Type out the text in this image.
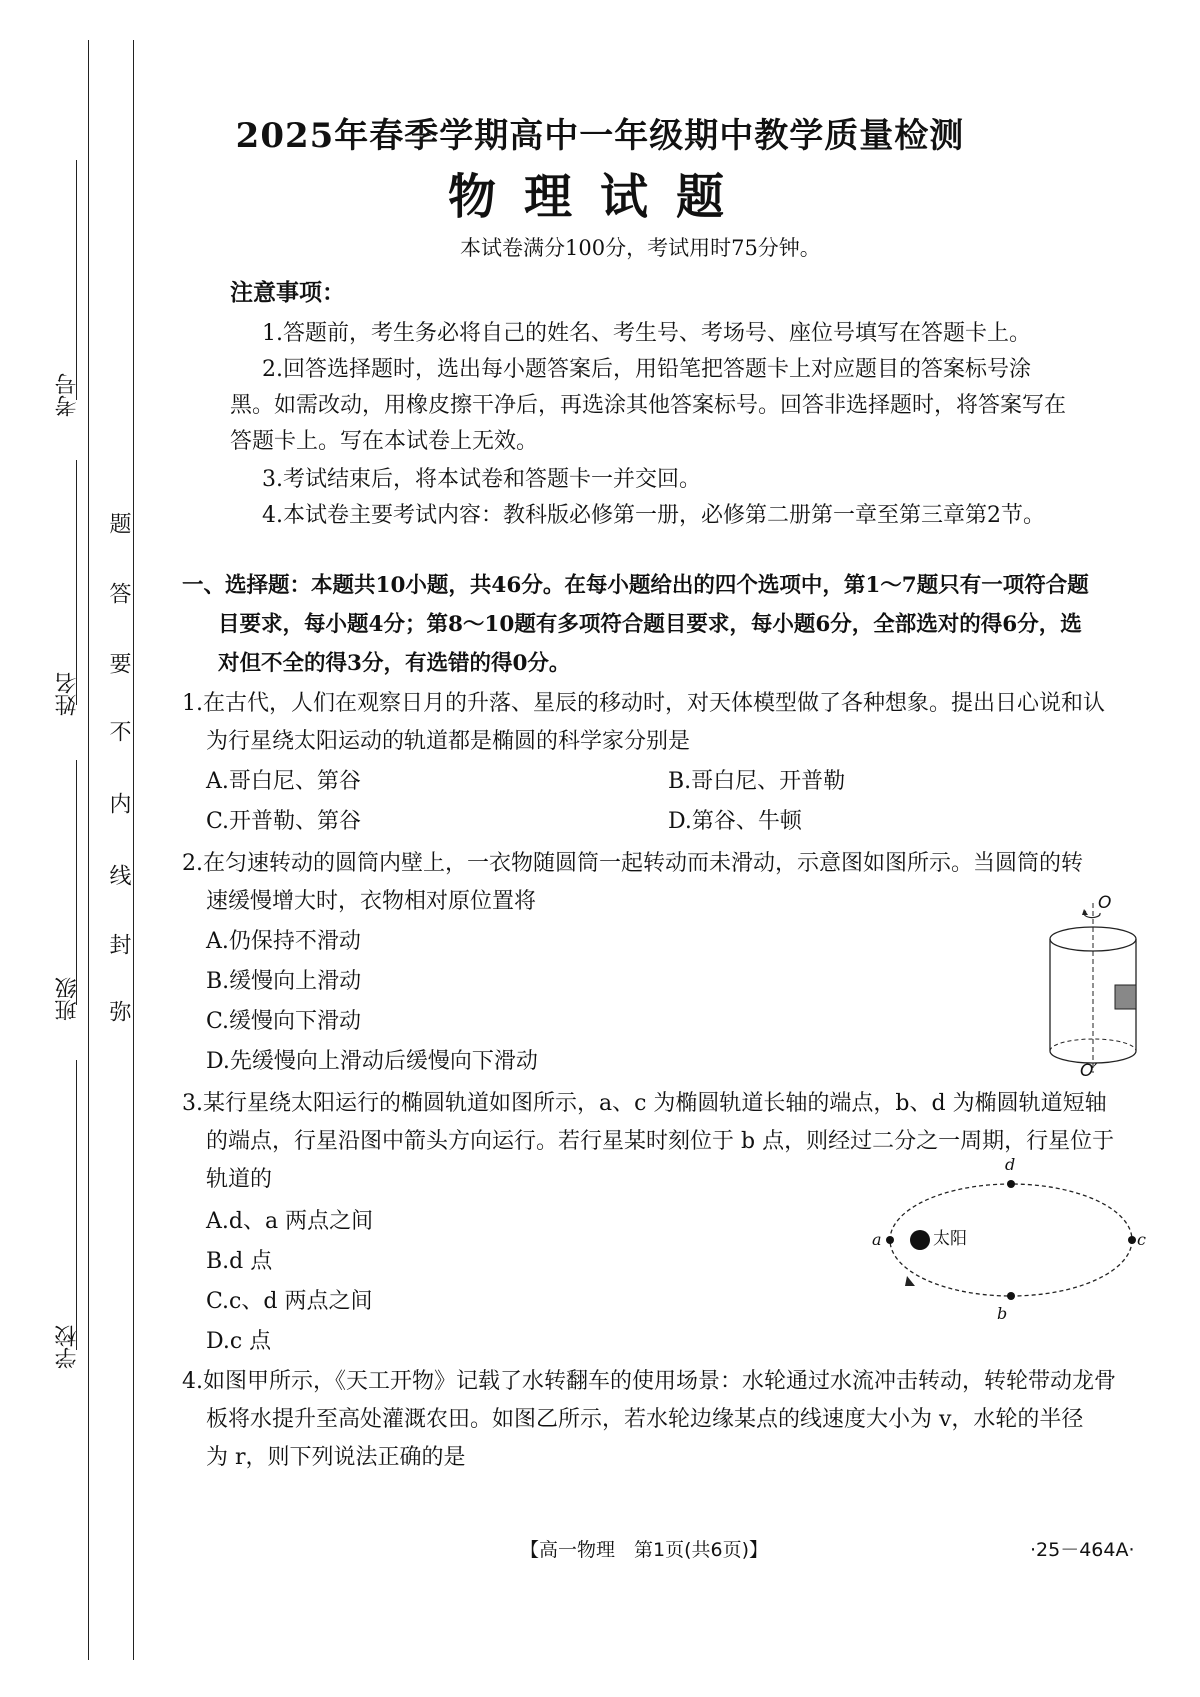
考号
姓名
班级
学校
弥
封
线
内
不
要
答
题
2025年春季学期高中一年级期中教学质量检测
物理试题
本试卷满分100分，考试用时75分钟。
注意事项：
1.答题前，考生务必将自己的姓名、考生号、考场号、座位号填写在答题卡上。
2.回答选择题时，选出每小题答案后，用铅笔把答题卡上对应题目的答案标号涂
黑。如需改动，用橡皮擦干净后，再选涂其他答案标号。回答非选择题时，将答案写在
答题卡上。写在本试卷上无效。
3.考试结束后，将本试卷和答题卡一并交回。
4.本试卷主要考试内容：教科版必修第一册，必修第二册第一章至第三章第2节。
一、选择题：本题共10小题，共46分。在每小题给出的四个选项中，第1～7题只有一项符合题
目要求，每小题4分；第8～10题有多项符合题目要求，每小题6分，全部选对的得6分，选
对但不全的得3分，有选错的得0分。
1.在古代，人们在观察日月的升落、星辰的移动时，对天体模型做了各种想象。提出日心说和认
为行星绕太阳运动的轨道都是椭圆的科学家分别是
A.哥白尼、第谷	B.哥白尼、开普勒
C.开普勒、第谷	D.第谷、牛顿
2.在匀速转动的圆筒内壁上，一衣物随圆筒一起转动而未滑动，示意图如图所示。当圆筒的转
速缓慢增大时，衣物相对原位置将
A.仍保持不滑动
B.缓慢向上滑动
C.缓慢向下滑动
D.先缓慢向上滑动后缓慢向下滑动
O
O′
3.某行星绕太阳运行的椭圆轨道如图所示，a、c 为椭圆轨道长轴的端点，b、d 为椭圆轨道短轴
的端点，行星沿图中箭头方向运行。若行星某时刻位于 b 点，则经过二分之一周期，行星位于
轨道的
A.d、a 两点之间
B.d 点
C.c、d 两点之间
D.c 点
d
a	c
b
太阳
4.如图甲所示，《天工开物》记载了水转翻车的使用场景：水轮通过水流冲击转动，转轮带动龙骨
板将水提升至高处灌溉农田。如图乙所示，若水轮边缘某点的线速度大小为 v，水轮的半径
为 r，则下列说法正确的是
【高一物理　第1页(共6页)】	·25－464A·
